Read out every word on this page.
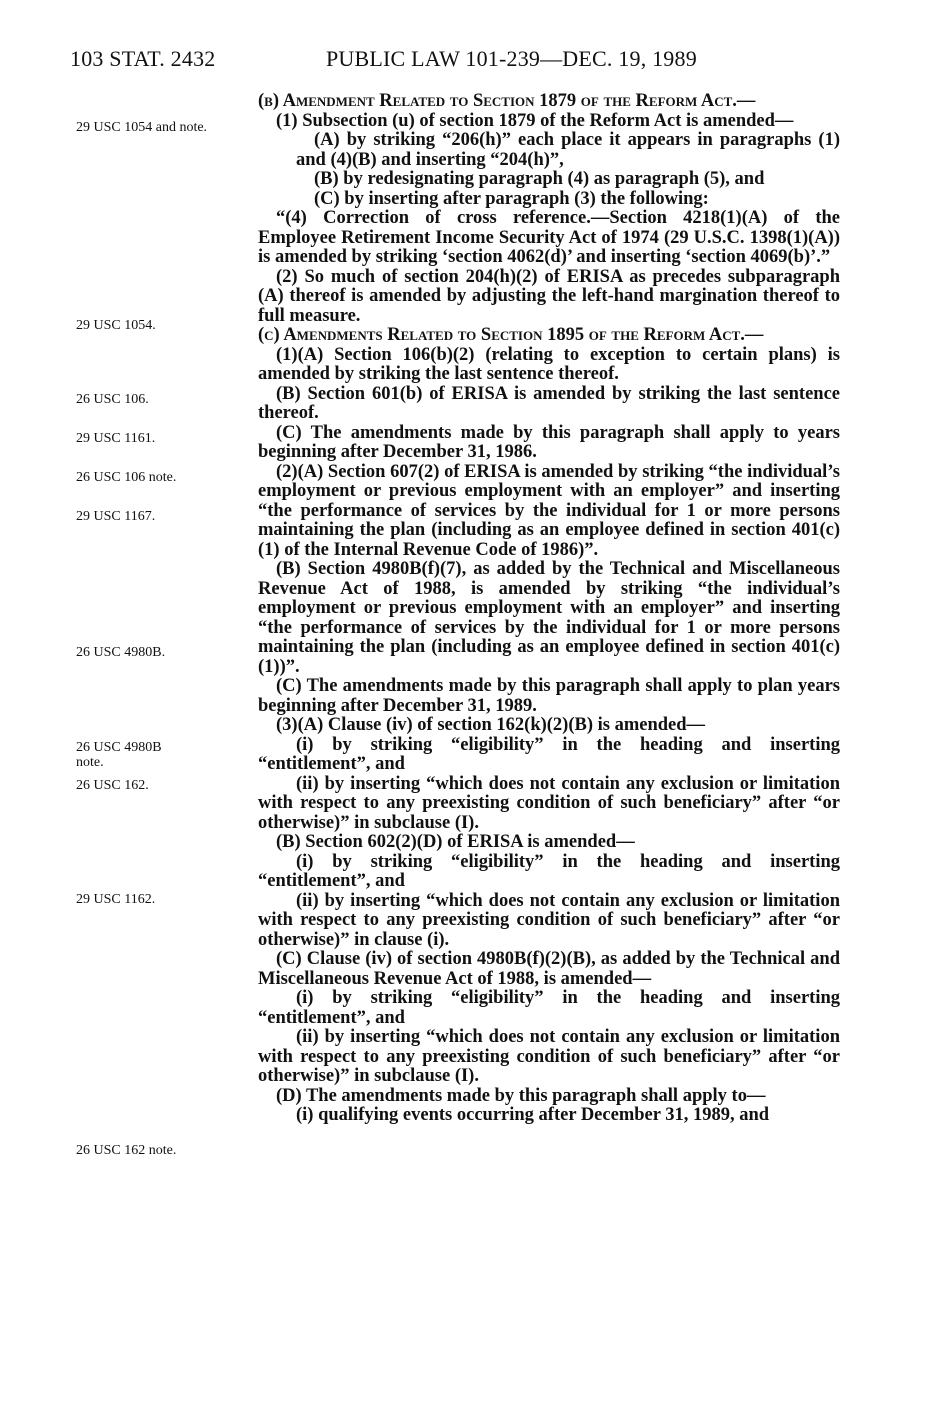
103 STAT. 2432	PUBLIC LAW 101-239—DEC. 19, 1989
29 USC 1054 and note.
29 USC 1054.
26 USC 106.
29 USC 1161.
26 USC 106 note.
29 USC 1167.
26 USC 4980B.
26 USC 4980B note.
26 USC 162.
29 USC 1162.
26 USC 162 note.

(b) Amendment Related to Section 1879 of the Reform Act.—

(1) Subsection (u) of section 1879 of the Reform Act is amended—

(A) by striking “206(h)” each place it appears in paragraphs (1) and (4)(B) and inserting “204(h)”,

(B) by redesignating paragraph (4) as paragraph (5), and

(C) by inserting after paragraph (3) the following:

“(4) Correction of cross reference.—Section 4218(1)(A) of the Employee Retirement Income Security Act of 1974 (29 U.S.C. 1398(1)(A)) is amended by striking ‘section 4062(d)’ and inserting ‘section 4069(b)’.”

(2) So much of section 204(h)(2) of ERISA as precedes subparagraph (A) thereof is amended by adjusting the left-hand margination thereof to full measure.

(c) Amendments Related to Section 1895 of the Reform Act.—

(1)(A) Section 106(b)(2) (relating to exception to certain plans) is amended by striking the last sentence thereof.

(B) Section 601(b) of ERISA is amended by striking the last sentence thereof.

(C) The amendments made by this paragraph shall apply to years beginning after December 31, 1986.

(2)(A) Section 607(2) of ERISA is amended by striking “the individual’s employment or previous employment with an employer” and inserting “the performance of services by the individual for 1 or more persons maintaining the plan (including as an employee defined in section 401(c)(1) of the Internal Revenue Code of 1986)”.

(B) Section 4980B(f)(7), as added by the Technical and Miscellaneous Revenue Act of 1988, is amended by striking “the individual’s employment or previous employment with an employer” and inserting “the performance of services by the individual for 1 or more persons maintaining the plan (including as an employee defined in section 401(c)(1))”.

(C) The amendments made by this paragraph shall apply to plan years beginning after December 31, 1989.

(3)(A) Clause (iv) of section 162(k)(2)(B) is amended—

(i) by striking “eligibility” in the heading and inserting “entitlement”, and

(ii) by inserting “which does not contain any exclusion or limitation with respect to any preexisting condition of such beneficiary” after “or otherwise)” in subclause (I).

(B) Section 602(2)(D) of ERISA is amended—

(i) by striking “eligibility” in the heading and inserting “entitlement”, and

(ii) by inserting “which does not contain any exclusion or limitation with respect to any preexisting condition of such beneficiary” after “or otherwise)” in clause (i).

(C) Clause (iv) of section 4980B(f)(2)(B), as added by the Technical and Miscellaneous Revenue Act of 1988, is amended—

(i) by striking “eligibility” in the heading and inserting “entitlement”, and

(ii) by inserting “which does not contain any exclusion or limitation with respect to any preexisting condition of such beneficiary” after “or otherwise)” in subclause (I).

(D) The amendments made by this paragraph shall apply to—

(i) qualifying events occurring after December 31, 1989, and
